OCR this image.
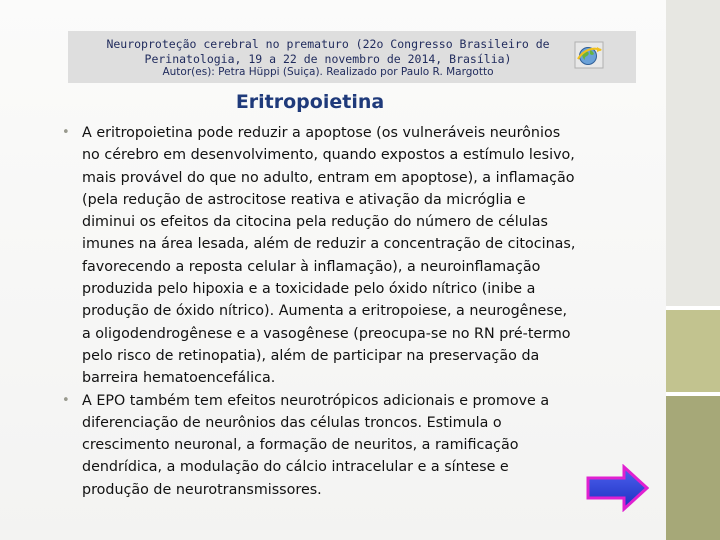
Neuroproteção cerebral no prematuro (22o Congresso Brasileiro de
Perinatologia, 19 a 22 de novembro de 2014, Brasília)
Autor(es): Petra Hüppi (Suiça). Realizado por Paulo R. Margotto
Eritropoietina
• A eritropoietina pode reduzir a apoptose (os vulneráveis neurônios
no cérebro em desenvolvimento, quando expostos a estímulo lesivo,
mais provável do que no adulto, entram em apoptose), a inflamação
(pela redução de astrocitose reativa e ativação da micróglia e
diminui os efeitos da citocina pela redução do número de células
imunes na área lesada, além de reduzir a concentração de citocinas,
favorecendo a reposta celular à inflamação), a neuroinflamação
produzida pelo hipoxia e a toxicidade pelo óxido nítrico (inibe a
produção de óxido nítrico). Aumenta a eritropoiese, a neurogênese,
a oligodendrogênese e a vasogênese (preocupa-se no RN pré-termo
pelo risco de retinopatia), além de participar na preservação da
barreira hematoencefálica.
• A EPO também tem efeitos neurotrópicos adicionais e promove a
diferenciação de neurônios das células troncos. Estimula o
crescimento neuronal, a formação de neuritos, a ramificação
dendrídica, a modulação do cálcio intracelular e a síntese e
produção de neurotransmissores.
